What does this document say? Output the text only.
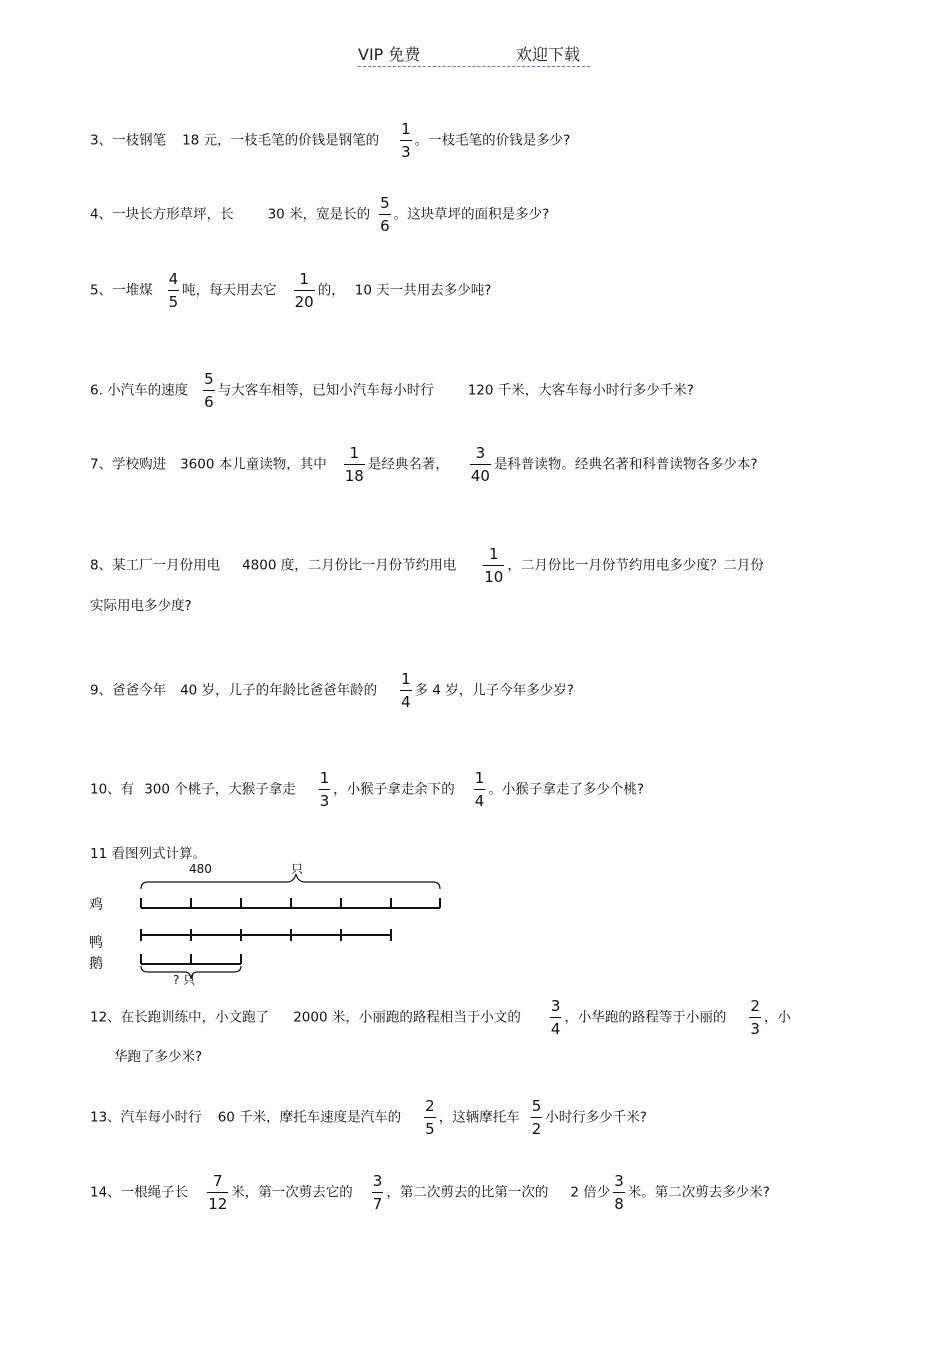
VIP 免费	欢迎下载
3、一枝钢笔 18 元，一枝毛笔的价钱是钢笔的 $\frac{1}{3}$ 。一枝毛笔的价钱是多少?
4、一块长方形草坪，长	30 米，宽是长的 $\frac{5}{6}$ 。这块草坪的面积是多少?
5、一堆煤 $\frac{4}{5}$ 吨，每天用去它 $\frac{1}{20}$ 的， 10 天一共用去多少吨?
6. 小汽车的速度 $\frac{5}{6}$ 与大客车相等，已知小汽车每小时行	120 千米，大客车每小时行多少千米?
7、学校购进 3600 本儿童读物，其中 $\frac{1}{18}$ 是经典名著， $\frac{3}{40}$ 是科普读物。经典名著和科普读物各多少本?
8、某工厂一月份用电 4800 度，二月份比一月份节约用电 $\frac{1}{10}$ ，二月份比一月份节约用电多少度？二月份
实际用电多少度?
9、爸爸今年 40 岁，儿子的年龄比爸爸年龄的 $\frac{1}{4}$ 多 4 岁，儿子今年多少岁?
10、有 300 个桃子，大猴子拿走 $\frac{1}{3}$ ，小猴子拿走余下的 $\frac{1}{4}$ 。小猴子拿走了多少个桃?
11 看图列式计算。
480	只
鸡
鸭
鹅
? 只
12、在长跑训练中，小文跑了 2000 米，小丽跑的路程相当于小文的 $\frac{3}{4}$ ，小华跑的路程等于小丽的 $\frac{2}{3}$ ，小
华跑了多少米?
13、汽车每小时行 60 千米，摩托车速度是汽车的 $\frac{2}{5}$ ，这辆摩托车 $\frac{5}{2}$ 小时行多少千米?
14、一根绳子长 $\frac{7}{12}$ 米，第一次剪去它的 $\frac{3}{7}$ ，第二次剪去的比第一次的 2 倍少 $\frac{3}{8}$ 米。第二次剪去多少米?
